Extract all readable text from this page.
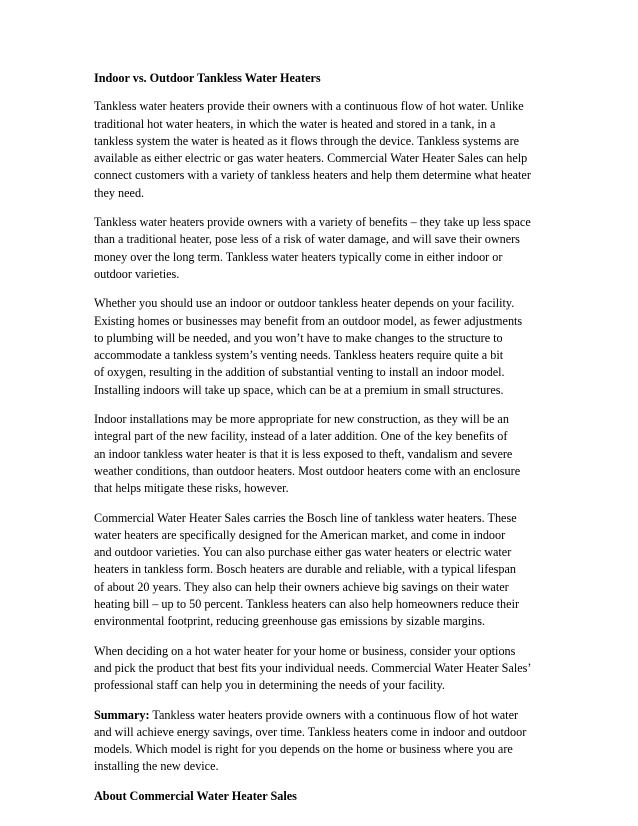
Indoor vs. Outdoor Tankless Water Heaters
Tankless water heaters provide their owners with a continuous flow of hot water. Unlike
traditional hot water heaters, in which the water is heated and stored in a tank, in a
tankless system the water is heated as it flows through the device. Tankless systems are
available as either electric or gas water heaters. Commercial Water Heater Sales can help
connect customers with a variety of tankless heaters and help them determine what heater
they need.
Tankless water heaters provide owners with a variety of benefits – they take up less space
than a traditional heater, pose less of a risk of water damage, and will save their owners
money over the long term. Tankless water heaters typically come in either indoor or
outdoor varieties.
Whether you should use an indoor or outdoor tankless heater depends on your facility.
Existing homes or businesses may benefit from an outdoor model, as fewer adjustments
to plumbing will be needed, and you won’t have to make changes to the structure to
accommodate a tankless system’s venting needs. Tankless heaters require quite a bit
of oxygen, resulting in the addition of substantial venting to install an indoor model.
Installing indoors will take up space, which can be at a premium in small structures.
Indoor installations may be more appropriate for new construction, as they will be an
integral part of the new facility, instead of a later addition. One of the key benefits of
an indoor tankless water heater is that it is less exposed to theft, vandalism and severe
weather conditions, than outdoor heaters. Most outdoor heaters come with an enclosure
that helps mitigate these risks, however.
Commercial Water Heater Sales carries the Bosch line of tankless water heaters. These
water heaters are specifically designed for the American market, and come in indoor
and outdoor varieties. You can also purchase either gas water heaters or electric water
heaters in tankless form. Bosch heaters are durable and reliable, with a typical lifespan
of about 20 years. They also can help their owners achieve big savings on their water
heating bill – up to 50 percent. Tankless heaters can also help homeowners reduce their
environmental footprint, reducing greenhouse gas emissions by sizable margins.
When deciding on a hot water heater for your home or business, consider your options
and pick the product that best fits your individual needs. Commercial Water Heater Sales’
professional staff can help you in determining the needs of your facility.
Summary: Tankless water heaters provide owners with a continuous flow of hot water
and will achieve energy savings, over time. Tankless heaters come in indoor and outdoor
models. Which model is right for you depends on the home or business where you are
installing the new device.
About Commercial Water Heater Sales
